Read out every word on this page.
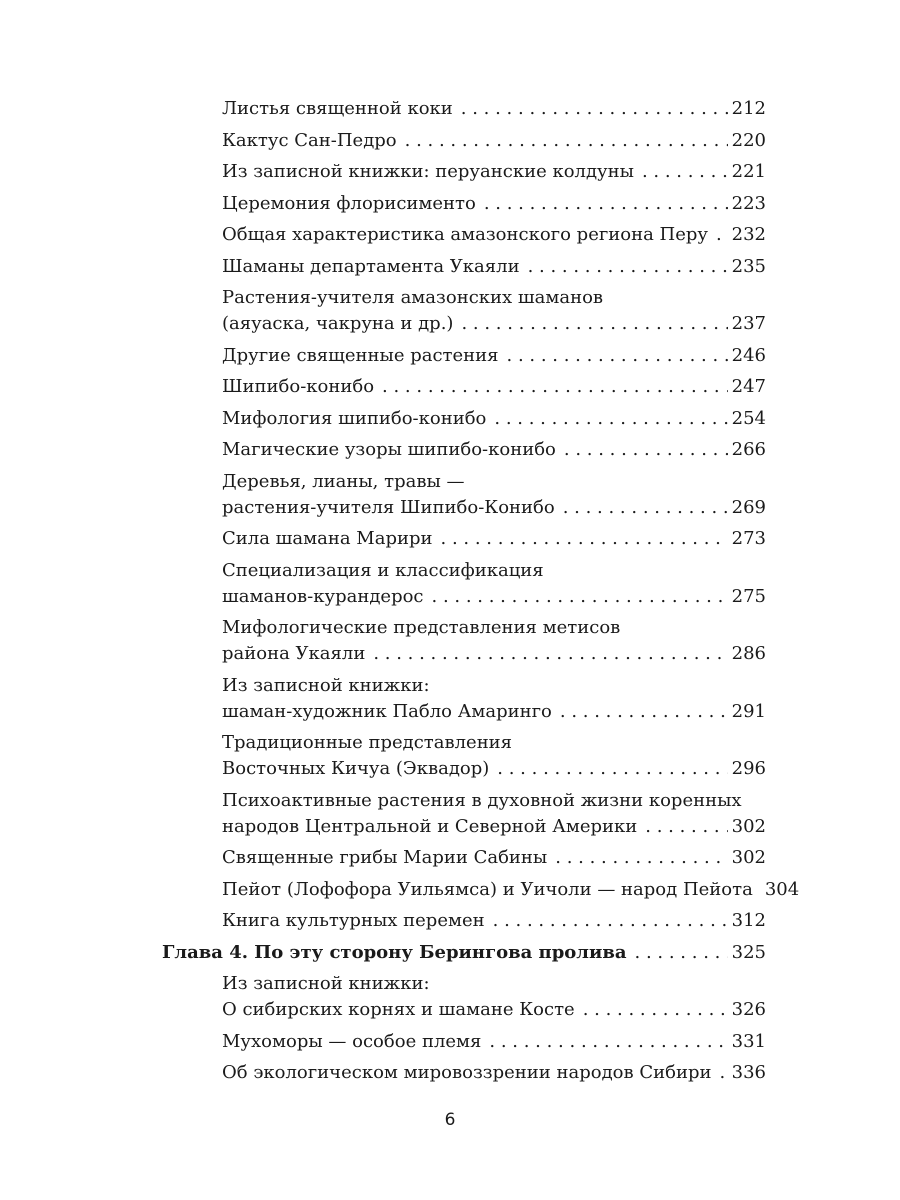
Листья священной коки . . .	212
Кактус Сан-Педро . . .	220
Из записной книжки: перуанские колдуны . . .	221
Церемония флорисименто . . .	223
Общая характеристика амазонского региона Перу . . . 232
Шаманы департамента Укаяли . . .	235
Растения-учителя амазонских шаманов
(аяуаска, чакруна и др.) . . .	237
Другие священные растения . . .	246
Шипибо-конибо . . .	247
Мифология шипибо-конибо . . .	254
Магические узоры шипибо-конибо . . .	266
Деревья, лианы, травы —
растения-учителя Шипибо-Конибо . . .	269
Сила шамана Марири . . .	273
Специализация и классификация
шаманов-курандерос . . .	275
Мифологические представления метисов
района Укаяли . . .	286
Из записной книжки:
шаман-художник Пабло Амаринго . . .	291
Традиционные представления
Восточных Кичуа (Эквадор) . . .	296
Психоактивные растения в духовной жизни коренных
народов Центральной и Северной Америки . . .	302
Священные грибы Марии Сабины . . .	302
Пейот (Лофофора Уильямса) и Уичоли — народ Пейота 304
Книга культурных перемен . . .	312
Глава 4. По эту сторону Берингова пролива . . .	325
Из записной книжки:
О сибирских корнях и шамане Косте . . .	326
Мухоморы — особое племя . . .	331
Об экологическом мировоззрении народов Сибири . . . 336
6
